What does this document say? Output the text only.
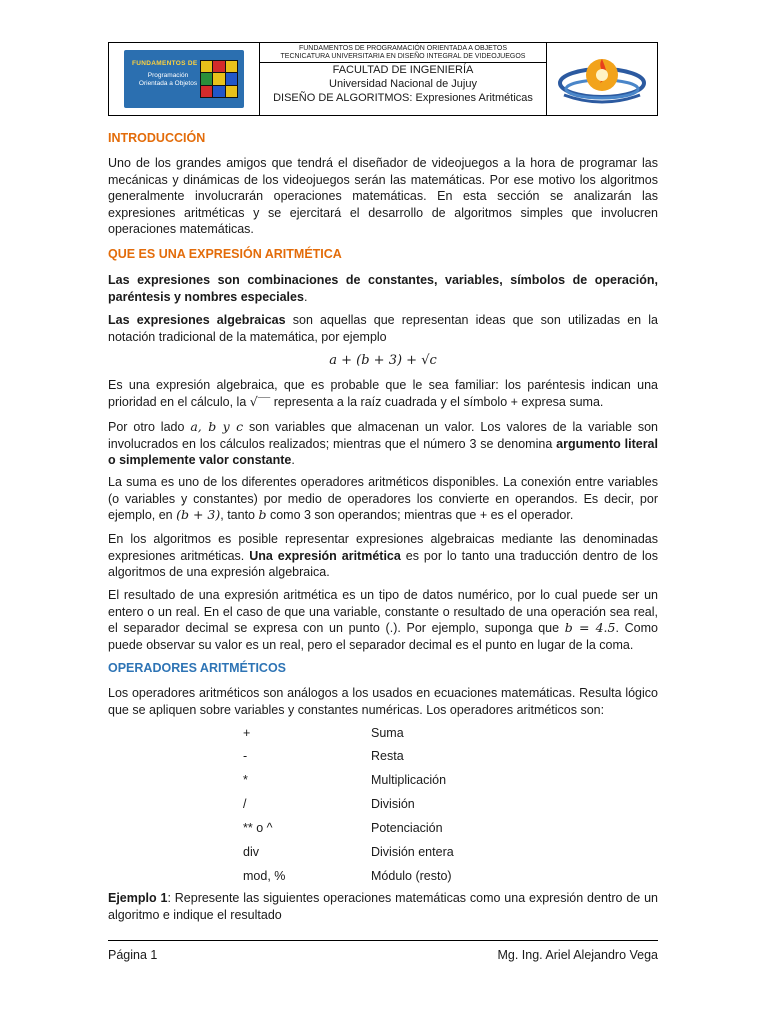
FUNDAMENTOS DE
Programación Orientada a Objetos
FUNDAMENTOS DE PROGRAMACIÓN ORIENTADA A OBJETOS
TECNICATURA UNIVERSITARIA EN DISEÑO INTEGRAL DE VIDEOJUEGOS
FACULTAD DE INGENIERÍA
Universidad Nacional de Jujuy
DISEÑO DE ALGORITMOS: Expresiones Aritméticas
INTRODUCCIÓN

Uno de los grandes amigos que tendrá el diseñador de videojuegos a la hora de programar las mecánicas y dinámicas de los videojuegos serán las matemáticas. Por ese motivo los algoritmos generalmente involucrarán operaciones matemáticas. En esta sección se analizarán las expresiones aritméticas y se ejercitará el desarrollo de algoritmos simples que involucren operaciones matemáticas.

QUE ES UNA EXPRESIÓN ARITMÉTICA

Las expresiones son combinaciones de constantes, variables, símbolos de operación, paréntesis y nombres especiales.

Las expresiones algebraicas son aquellas que representan ideas que son utilizadas en la notación tradicional de la matemática, por ejemplo

a + (b + 3) + √c

Es una expresión algebraica, que es probable que le sea familiar: los paréntesis indican una prioridad en el cálculo, la √‾‾ representa a la raíz cuadrada y el símbolo + expresa suma.

Por otro lado a, b y c son variables que almacenan un valor. Los valores de la variable son involucrados en los cálculos realizados; mientras que el número 3 se denomina argumento literal o simplemente valor constante.

La suma es uno de los diferentes operadores aritméticos disponibles. La conexión entre variables (o variables y constantes) por medio de operadores los convierte en operandos. Es decir, por ejemplo, en (b + 3), tanto b como 3 son operandos; mientras que + es el operador.

En los algoritmos es posible representar expresiones algebraicas mediante las denominadas expresiones aritméticas. Una expresión aritmética es por lo tanto una traducción dentro de los algoritmos de una expresión algebraica.

El resultado de una expresión aritmética es un tipo de datos numérico, por lo cual puede ser un entero o un real. En el caso de que una variable, constante o resultado de una operación sea real, el separador decimal se expresa con un punto (.). Por ejemplo, suponga que b = 4.5. Como puede observar su valor es un real, pero el separador decimal es el punto en lugar de la coma.

OPERADORES ARITMÉTICOS

Los operadores aritméticos son análogos a los usados en ecuaciones matemáticas. Resulta lógico que se apliquen sobre variables y constantes numéricas. Los operadores aritméticos son:

+	Suma
-	Resta
*	Multiplicación
/	División
** o ^	Potenciación
div	División entera
mod, %	Módulo (resto)

Ejemplo 1: Represente las siguientes operaciones matemáticas como una expresión dentro de un algoritmo e indique el resultado

Página 1	Mg. Ing. Ariel Alejandro Vega
